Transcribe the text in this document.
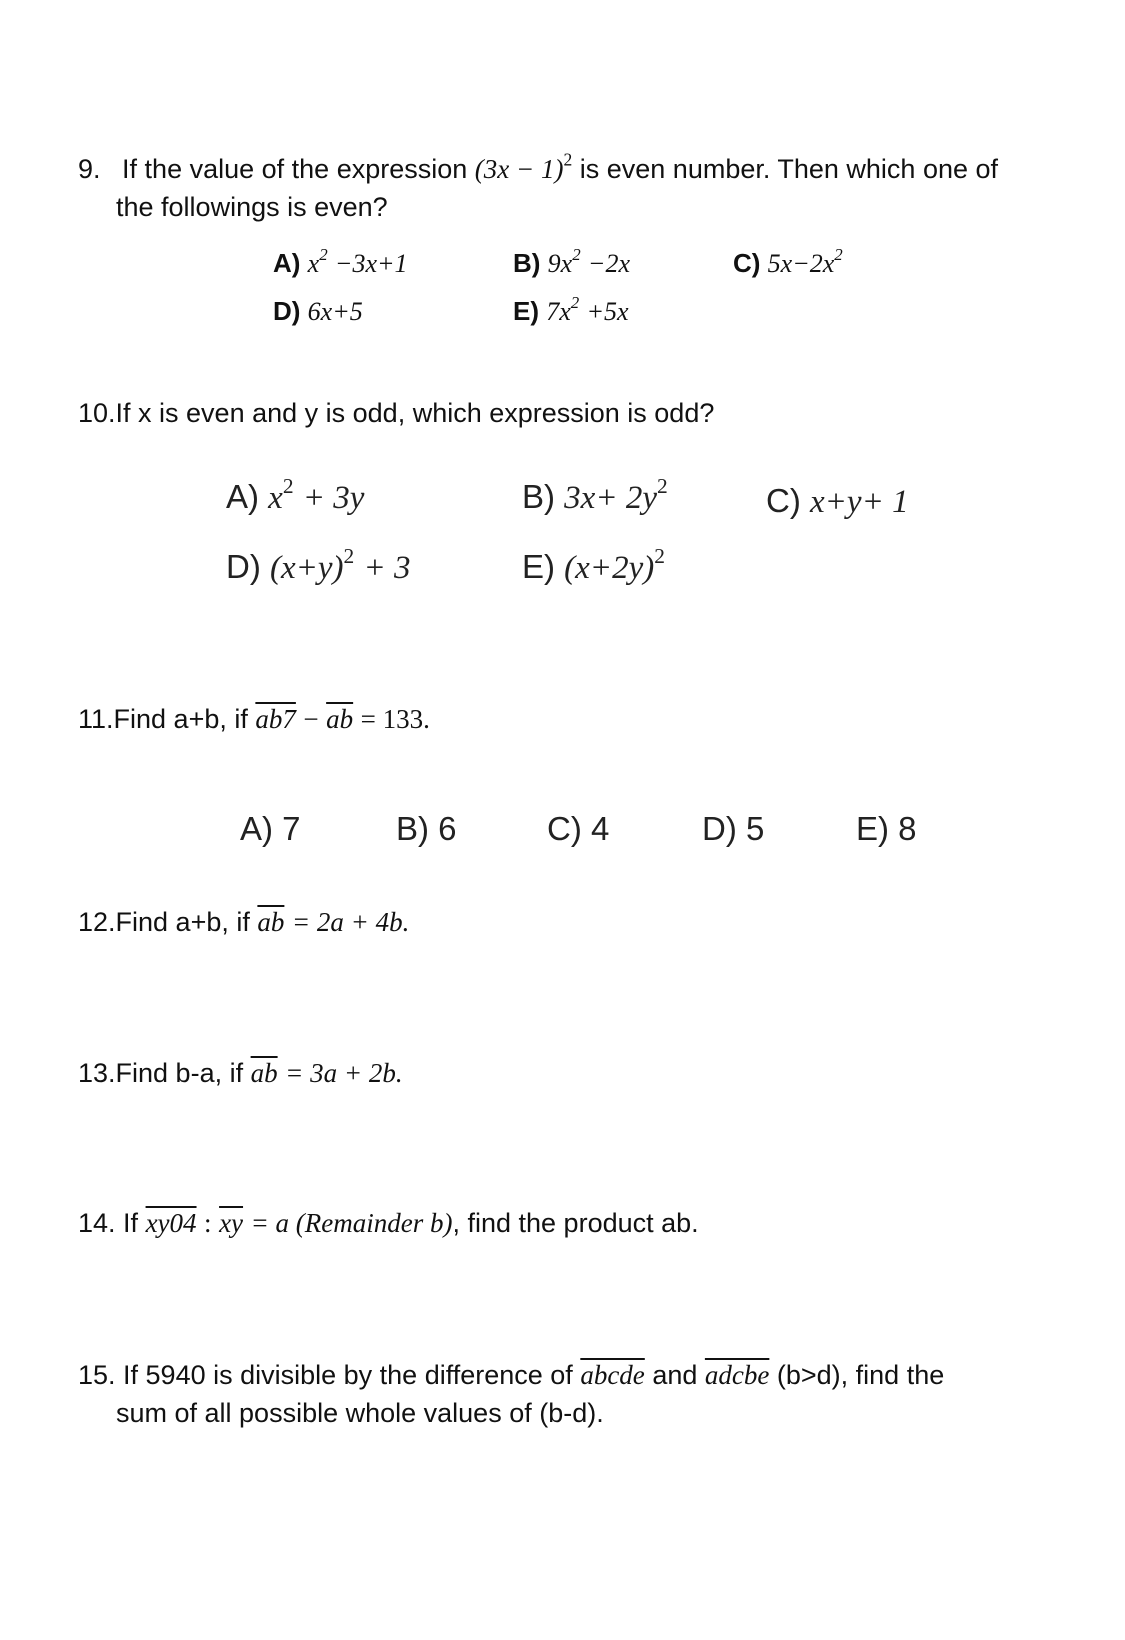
9. If the value of the expression $(3x - 1)^2$ is even number. Then which one of
the followings is even?
A) $x^2 -3x+1$	B) $9x^2 -2x$	C) $5x-2x^2$
D) 6x+5	E) $7x^2 +5x$
10.If x is even and y is odd, which expression is odd?
A) $x^2 + 3y$	B) $3x+ 2y^2$	C) x+y+ 1
D) $(x+y)^2 + 3$	E) $(x+2y)^2$
11.Find a+b, if $ab7 - \overline{ab} = 133$.
A) 7	B) 6	C) 4	D) 5	E) 8
12.Find a+b, if $\overline{ab} = 2a + 4b$.
13.Find b-a, if $\overline{ab} = 3a + 2b$.
14. If xy04 : $\overline{xy} = a$ (Remainder b), find the product ab.
15. If 5940 is divisible by the difference of abcde and adcbe (b>d), find the
sum of all possible whole values of (b-d).
